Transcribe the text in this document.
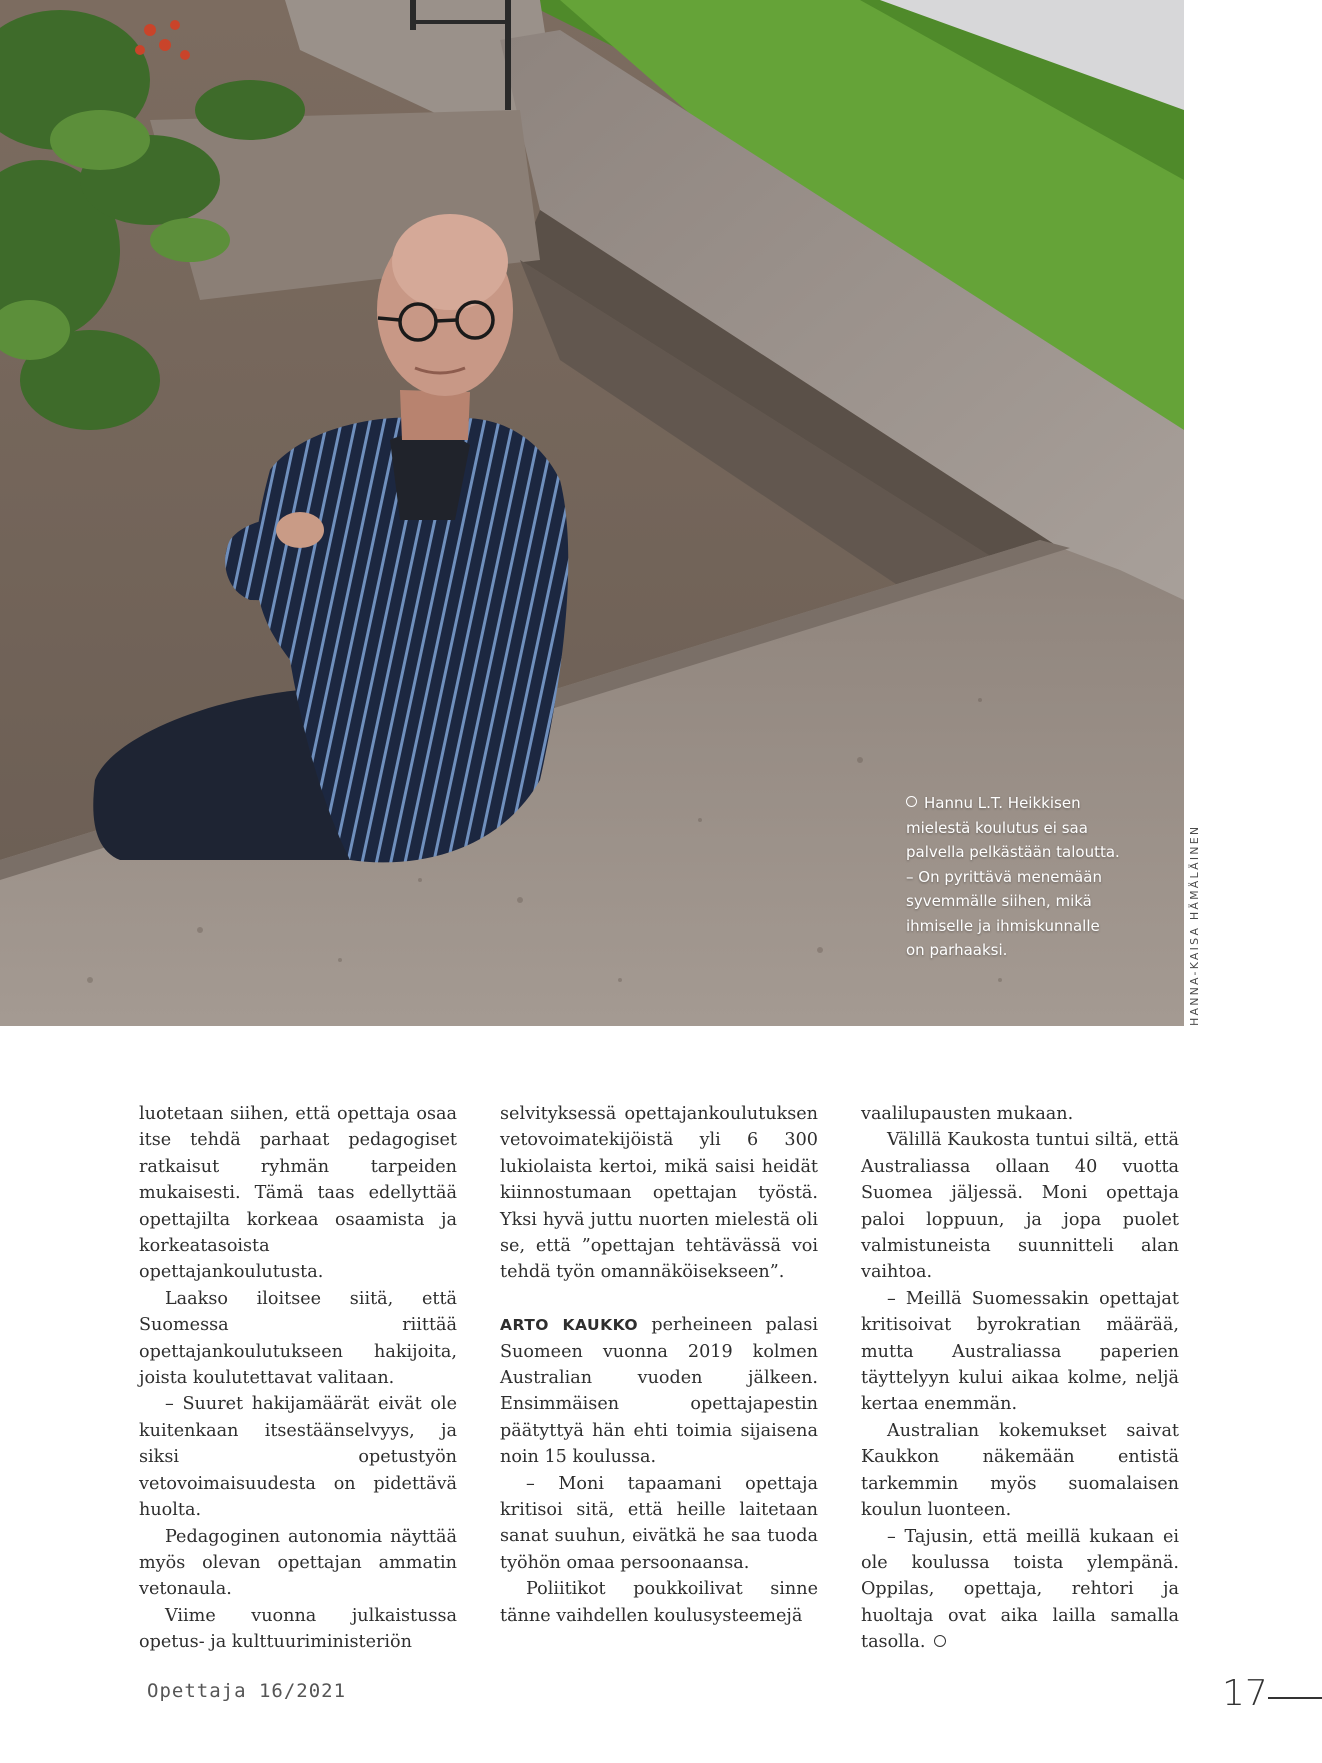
Hannu L.T. Heikkisen

mielestä koulutus ei saa

palvella pelkästään taloutta.

– On pyrittävä menemään

syvemmälle siihen, mikä

ihmiselle ja ihmiskunnalle

on parhaaksi.	HANNA-KAISA HÄMÄLÄINEN

luotetaan siihen, että opettaja osaa itse tehdä parhaat pedagogiset ratkaisut ryhmän tarpeiden mukaisesti. Tämä taas edellyttää opettajilta korkeaa osaamista ja korkeatasoista opettajankoulutusta.

Laakso iloitsee siitä, että Suomessa riittää opettajankoulutukseen hakijoita, joista koulutettavat valitaan.

– Suuret hakijamäärät eivät ole kuitenkaan itsestäänselvyys, ja siksi opetustyön vetovoimaisuudesta on pidettävä huolta.

Pedagoginen autonomia näyttää myös olevan opettajan ammatin vetonaula.

Viime vuonna julkaistussa opetus- ja kulttuuriministeriön

selvityksessä opettajankoulutuksen vetovoimatekijöistä yli 6 300 lukiolaista kertoi, mikä saisi heidät kiinnostumaan opettajan työstä. Yksi hyvä juttu nuorten mielestä oli se, että ”opettajan tehtävässä voi tehdä työn omannäköisekseen”.

ARTO KAUKKO perheineen palasi Suomeen vuonna 2019 kolmen Australian vuoden jälkeen. Ensimmäisen opettajapestin päätyttyä hän ehti toimia sijaisena noin 15 koulussa.

– Moni tapaamani opettaja kritisoi sitä, että heille laitetaan sanat suuhun, eivätkä he saa tuoda työhön omaa persoonaansa.

Poliitikot poukkoilivat sinne tänne vaihdellen koulusysteemejä

vaalilupausten mukaan.

Välillä Kaukosta tuntui siltä, että Australiassa ollaan 40 vuotta Suomea jäljessä. Moni opettaja paloi loppuun, ja jopa puolet valmistuneista suunnitteli alan vaihtoa.

– Meillä Suomessakin opettajat kritisoivat byrokratian määrää, mutta Australiassa paperien täyttelyyn kului aikaa kolme, neljä kertaa enemmän.

Australian kokemukset saivat Kaukkon näkemään entistä tarkemmin myös suomalaisen koulun luonteen.

– Tajusin, että meillä kukaan ei ole koulussa toista ylempänä. Oppilas, opettaja, rehtori ja huoltaja ovat aika lailla samalla tasolla.

Opettaja 16/2021	17
